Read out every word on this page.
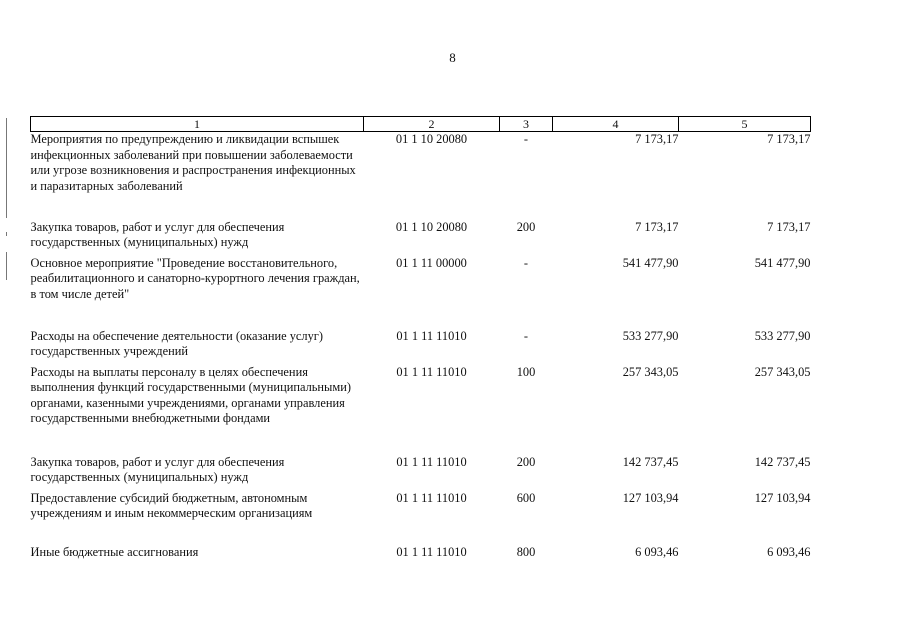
8
1	2	3	4	5
Мероприятия по предупреждению и ликвидации вспышек инфекционных заболеваний при повышении заболеваемости или угрозе возникновения и распространения инфекционных и паразитарных заболеваний	01 1 10 20080	-	7 173,17	7 173,17
Закупка товаров, работ и услуг для обеспечения государственных (муниципальных) нужд	01 1 10 20080	200	7 173,17	7 173,17
Основное мероприятие "Проведение восстановительного, реабилитационного и санаторно-курортного лечения граждан, в том числе детей"	01 1 11 00000	-	541 477,90	541 477,90
Расходы на обеспечение деятельности (оказание услуг) государственных учреждений	01 1 11 11010	-	533 277,90	533 277,90
Расходы на выплаты персоналу в целях обеспечения выполнения функций государственными (муниципальными) органами, казенными учреждениями, органами управления государственными внебюджетными фондами	01 1 11 11010	100	257 343,05	257 343,05
Закупка товаров, работ и услуг для обеспечения государственных (муниципальных) нужд	01 1 11 11010	200	142 737,45	142 737,45
Предоставление субсидий бюджетным, автономным учреждениям и иным некоммерческим организациям	01 1 11 11010	600	127 103,94	127 103,94
Иные бюджетные ассигнования	01 1 11 11010	800	6 093,46	6 093,46
